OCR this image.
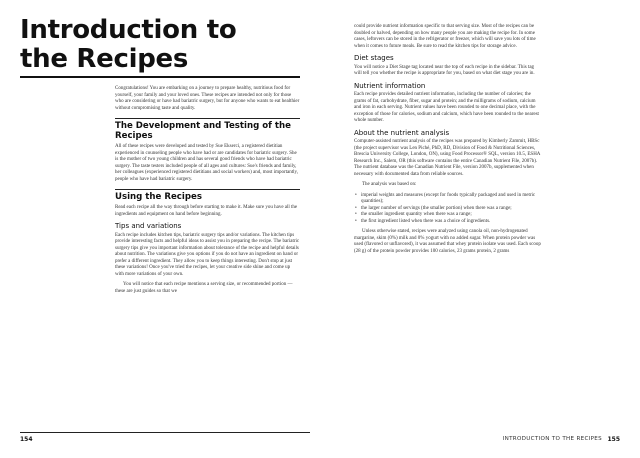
Introduction to
the Recipes

Congratulations! You are embarking on a journey to prepare healthy, nutritious food for yourself, your family and your loved ones. These recipes are intended not only for those who are considering or have had bariatric surgery, but for anyone who wants to eat healthier without compromising taste and quality.

The Development and Testing of the Recipes

All of these recipes were developed and tested by Sue Ekserci, a registered dietitian experienced in counseling people who have had or are candidates for bariatric surgery. She is the mother of two young children and has several good friends who have had bariatric surgery. The taste testers included people of all ages and cultures: Sue's friends and family, her colleagues (experienced registered dietitians and social workers) and, most importantly, people who have had bariatric surgery.

Using the Recipes

Read each recipe all the way through before starting to make it. Make sure you have all the ingredients and equipment on hand before beginning.

Tips and variations

Each recipe includes kitchen tips, bariatric surgery tips and/or variations. The kitchen tips provide interesting facts and helpful ideas to assist you in preparing the recipe. The bariatric surgery tips give you important information about tolerance of the recipe and helpful details about nutrition. The variations give you options if you do not have an ingredient on hand or prefer a different ingredient. They allow you to keep things interesting. Don't stop at just these variations! Once you've tried the recipes, let your creative side shine and come up with more variations of your own.

You will notice that each recipe mentions a serving size, or recommended portion — these are just guides so that we

154

could provide nutrient information specific to that serving size. Most of the recipes can be doubled or halved, depending on how many people you are making the recipe for. In some cases, leftovers can be stored in the refrigerator or freezer, which will save you lots of time when it comes to future meals. Be sure to read the kitchen tips for storage advice.

Diet stages

You will notice a Diet Stage tag located near the top of each recipe in the sidebar. This tag will tell you whether the recipe is appropriate for you, based on what diet stage you are in.

Nutrient information

Each recipe provides detailed nutrient information, including the number of calories; the grams of fat, carbohydrate, fiber, sugar and protein; and the milligrams of sodium, calcium and iron in each serving. Nutrient values have been rounded to one decimal place, with the exception of those for calories, sodium and calcium, which have been rounded to the nearest whole number.

About the nutrient analysis

Computer-assisted nutrient analysis of the recipes was prepared by Kimberly Zammit, HBSc (the project supervisor was Len Piché, PhD, RD, Division of Food & Nutritional Sciences, Brescia University College, London, ON), using Food Processor® SQL, version 10.5, ESHA Research Inc., Salem, OR (this software contains the entire Canadian Nutrient File, 2007b). The nutrient database was the Canadian Nutrient File, version 2007b, supplemented when necessary with documented data from reliable sources.

The analysis was based on:

• imperial weights and measures (except for foods typically packaged and used in metric quantities);
• the larger number of servings (the smaller portion) when there was a range;
• the smaller ingredient quantity when there was a range;
• the first ingredient listed when there was a choice of ingredients.

Unless otherwise stated, recipes were analyzed using canola oil, non-hydrogenated margarine, skim (0%) milk and 0% yogurt with no added sugar. When protein powder was used (flavored or unflavored), it was assumed that whey protein isolate was used. Each scoop (28 g) of the protein powder provides 100 calories, 23 grams protein, 2 grams

INTRODUCTION TO THE RECIPES 155
